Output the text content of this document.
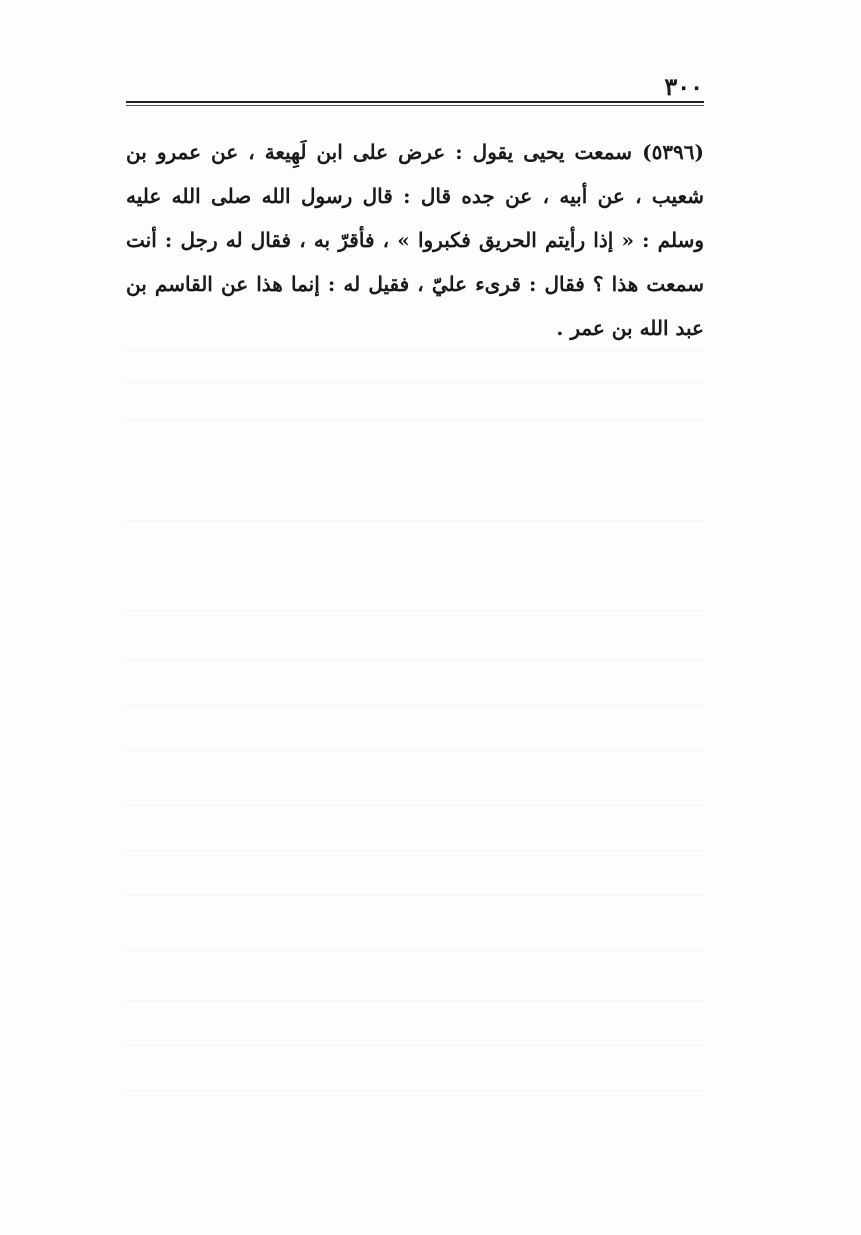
٣٠٠

(٥٣٩٦) سمعت يحيى يقول : عرض على ابن لَهِيعة ، عن عمرو بن شعيب ، عن أبيه ، عن جده قال : قال رسول الله صلى الله عليه وسلم : « إذا رأيتم الحريق فكبروا » ، فأقرّ به ، فقال له رجل : أنت سمعت هذا ؟ فقال : قرىء عليّ ، فقيل له : إنما هذا عن القاسم بن عبد الله بن عمر .
